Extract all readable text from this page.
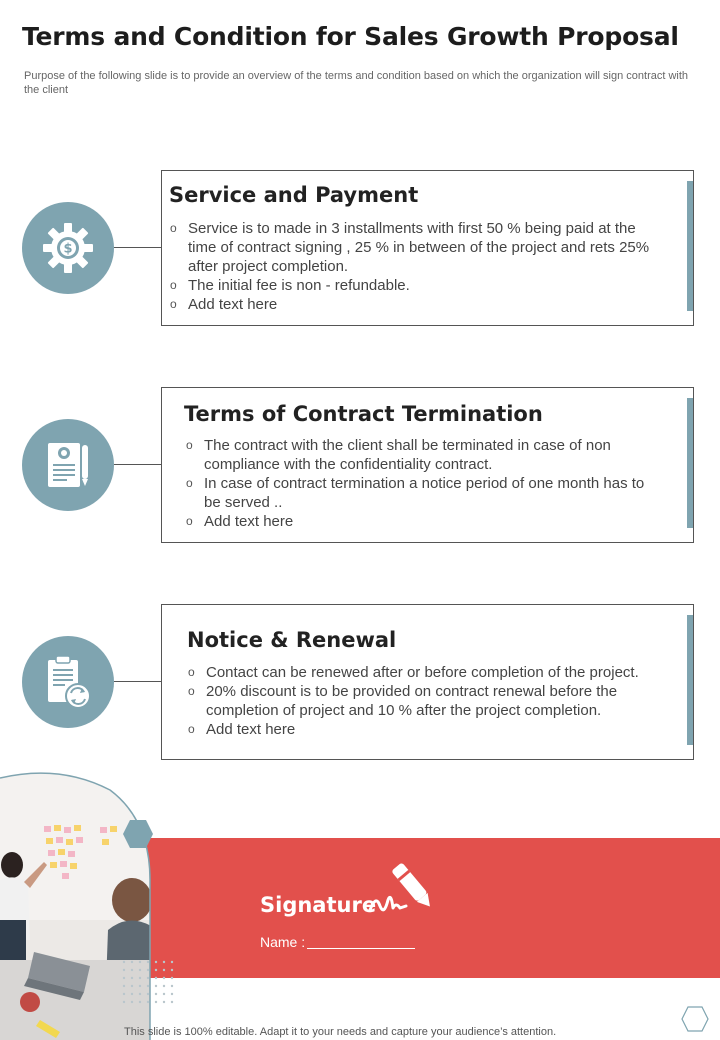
Terms and Condition for Sales Growth Proposal
Purpose of the following slide is to provide an overview of the terms and condition based on which the organization will sign contract with the client
$
Service and Payment
o Service is to made in 3 installments with first 50 % being paid at the time of contract signing , 25 % in between of the project and rets 25% after project completion.
o The initial fee is non - refundable.
o Add text here
Terms of Contract Termination
o The contract with the client shall be terminated in case of non compliance with the confidentiality contract.
o In case of contract termination a notice period of one month has to be served ..
o Add text here
Notice & Renewal
o Contact can be renewed after or before completion of the project.
o 20% discount is to be provided on contract renewal before the completion of project and 10 % after the project completion.
o Add text here
Signature
Name :
This slide is 100% editable. Adapt it to your needs and capture your audience’s attention.
